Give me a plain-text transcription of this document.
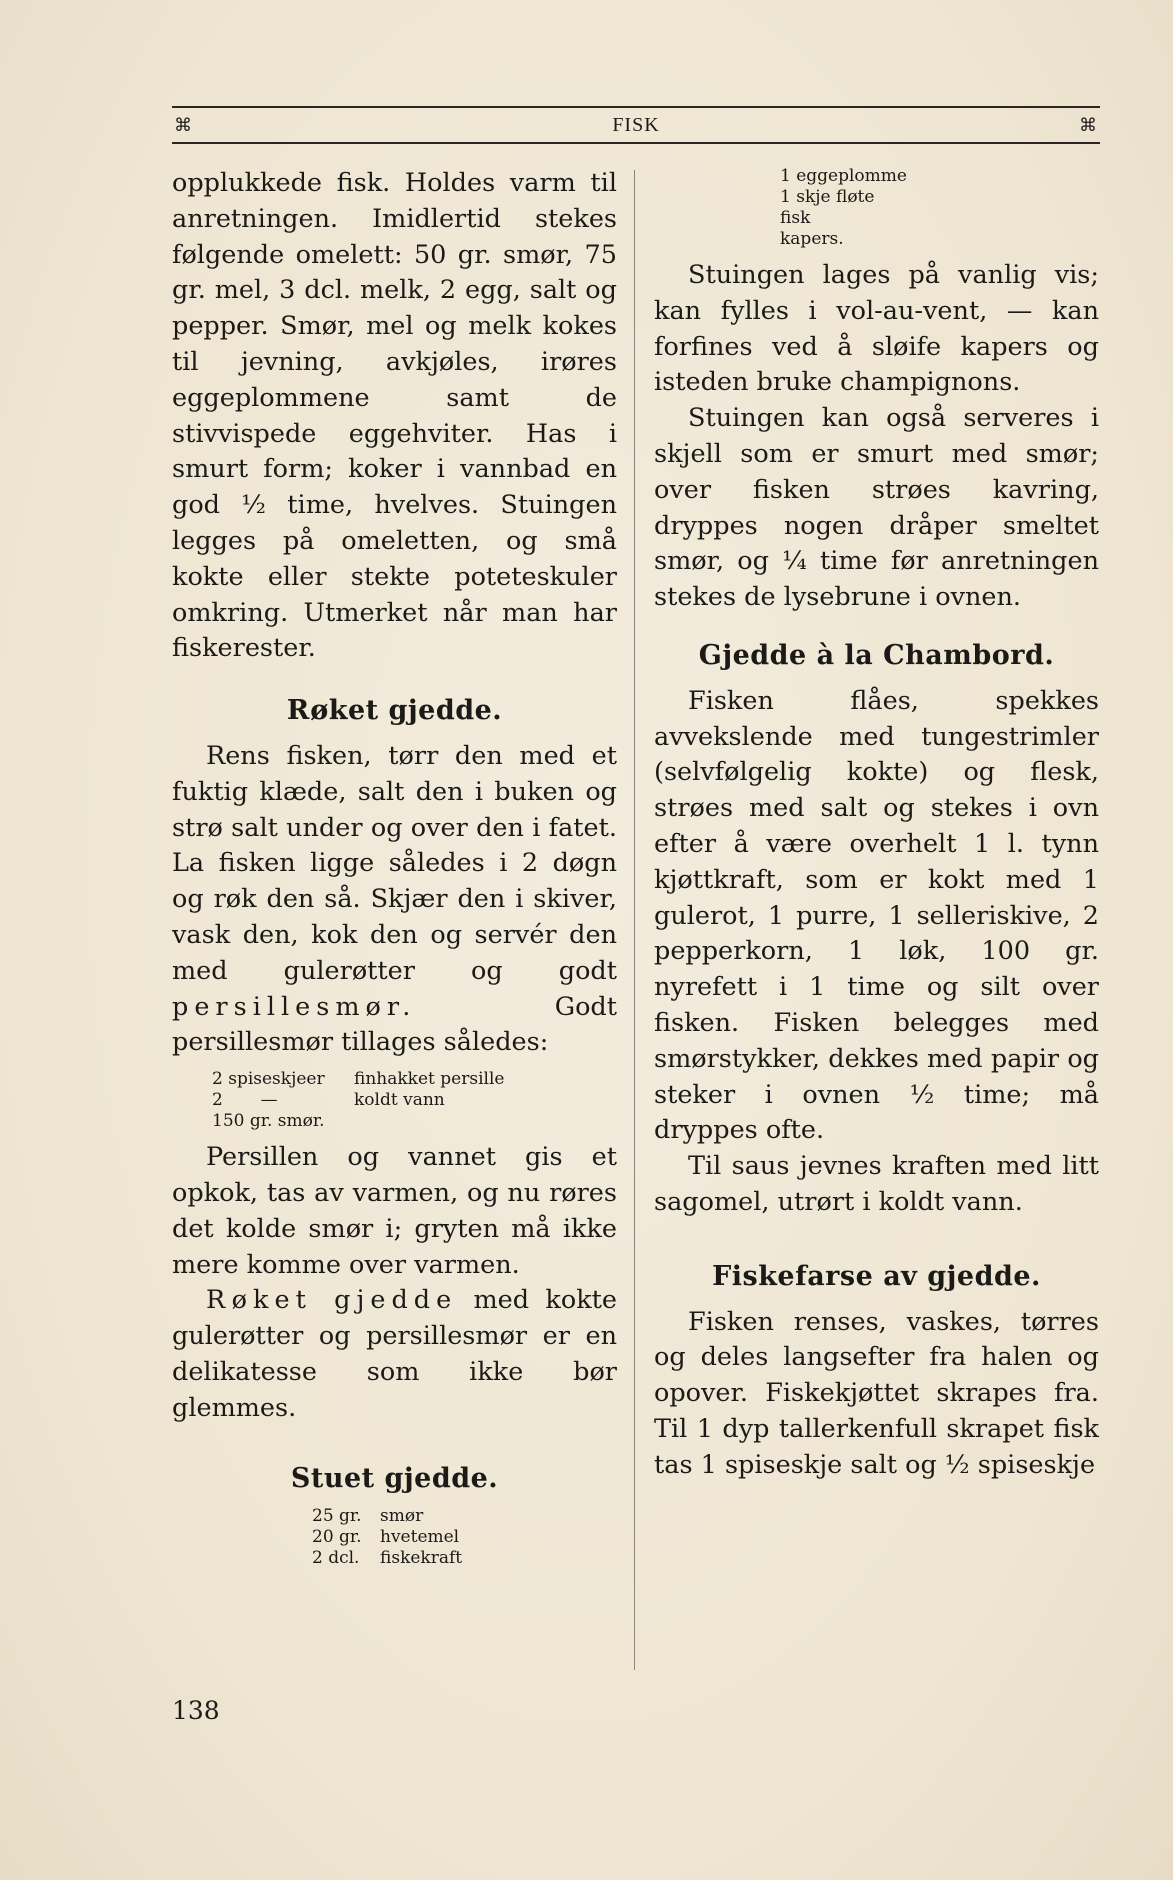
⌘	FISK	⌘

opplukkede fisk. Holdes varm til anretningen. Imidlertid stekes følgende omelett: 50 gr. smør, 75 gr. mel, 3 dcl. melk, 2 egg, salt og pepper. Smør, mel og melk kokes til jevning, avkjøles, irøres eggeplommene samt de stivvispede eggehviter. Has i smurt form; koker i vannbad en god ½ time, hvelves. Stuingen legges på omeletten, og små kokte eller stekte poteteskuler omkring. Utmerket når man har fiskerester.

Røket gjedde.

Rens fisken, tørr den med et fuktig klæde, salt den i buken og strø salt under og over den i fatet. La fisken ligge således i 2 døgn og røk den så. Skjær den i skiver, vask den, kok den og servér den med gulerøtter og godt persillesmør. Godt persillesmør tillages således:

2 spiseskjeer	finhakket persille
2       —	koldt vann
150 gr. smør.

Persillen og vannet gis et opkok, tas av varmen, og nu røres det kolde smør i; gryten må ikke mere komme over varmen.

Røket gjedde med kokte gulerøtter og persillesmør er en delikatesse som ikke bør glemmes.

Stuet gjedde.
25 gr.	smør
20 gr.	hvetemel
2 dcl.	fiskekraft
1 eggeplomme
1 skje fløte
fisk
kapers.

Stuingen lages på vanlig vis; kan fylles i vol-au-vent, — kan forfines ved å sløife kapers og isteden bruke champignons.

Stuingen kan også serveres i skjell som er smurt med smør; over fisken strøes kavring, dryppes nogen dråper smeltet smør, og ¼ time før anretningen stekes de lysebrune i ovnen.

Gjedde à la Chambord.

Fisken flåes, spekkes avvekslende med tungestrimler (selvfølgelig kokte) og flesk, strøes med salt og stekes i ovn efter å være overhelt 1 l. tynn kjøttkraft, som er kokt med 1 gulerot, 1 purre, 1 selleriskive, 2 pepperkorn, 1 løk, 100 gr. nyrefett i 1 time og silt over fisken. Fisken belegges med smørstykker, dekkes med papir og steker i ovnen ½ time; må dryppes ofte.

Til saus jevnes kraften med litt sagomel, utrørt i koldt vann.

Fiskefarse av gjedde.

Fisken renses, vaskes, tørres og deles langsefter fra halen og opover. Fiskekjøttet skrapes fra. Til 1 dyp tallerkenfull skrapet fisk tas 1 spiseskje salt og ½ spiseskje

138
